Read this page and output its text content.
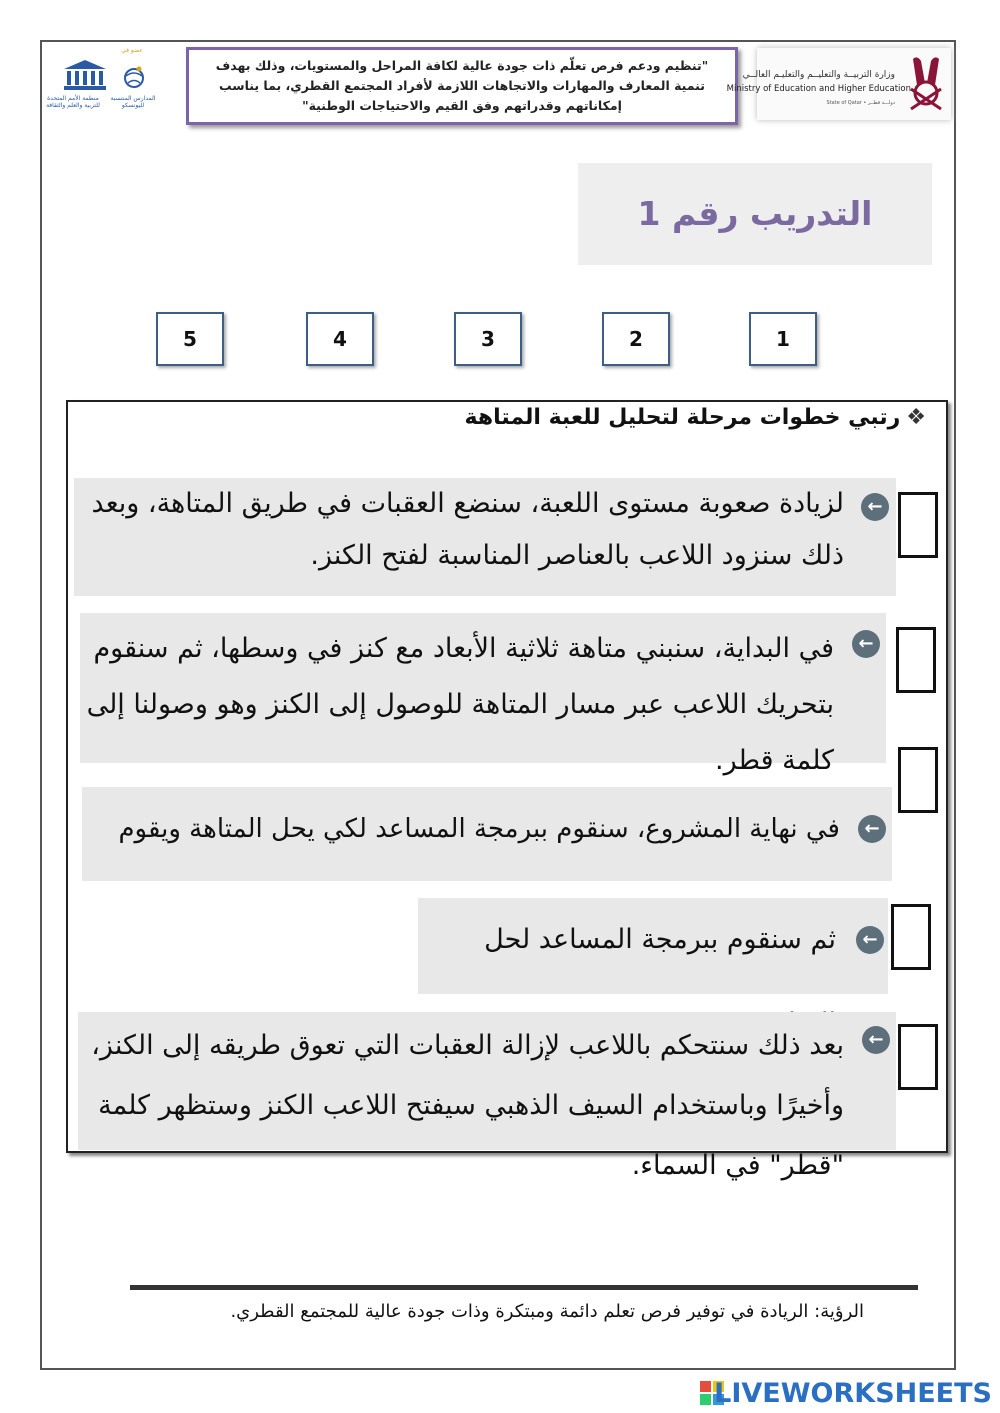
عضو في
منظمة الأمم المتحدة للتربية والعلم والثقافة
المدارس المنتسبة لليونسكو
"تنظيم ودعم فرص تعلّم ذات جودة عالية لكافة المراحل والمستويات، وذلك بهدف تنمية المعارف والمهارات والاتجاهات اللازمة لأفراد المجتمع القطري، بما يناسب إمكاناتهم وقدراتهم وفق القيم والاحتياجات الوطنية"
وزارة التربيــة والتعليــم والتعليـم العالــي
Ministry of Education and Higher Education
State of Qatar • دولـــة قطــر
التدريب رقم 1
5	4	3	2	1
❖رتبي خطوات مرحلة لتحليل للعبة المتاهة
لزيادة صعوبة مستوى اللعبة، سنضع العقبات في طريق المتاهة، وبعد ذلك سنزود اللاعب بالعناصر المناسبة لفتح الكنز.
←
في البداية، سنبني متاهة ثلاثية الأبعاد مع كنز في وسطها، ثم سنقوم بتحريك اللاعب عبر مسار المتاهة للوصول إلى الكنز وهو وصولنا إلى كلمة قطر.
←
في نهاية المشروع، سنقوم ببرمجة المساعد لكي يحل المتاهة ويقوم	←
ثم سنقوم ببرمجة المساعد لحل	←
بعد ذلك سنتحكم باللاعب لإزالة العقبات التي تعوق طريقه إلى الكنز، وأخيرًا وباستخدام السيف الذهبي سيفتح اللاعب الكنز وستظهر كلمة "قطر" في السماء.
←
الرؤية: الريادة في توفير فرص تعلم دائمة ومبتكرة وذات جودة عالية للمجتمع القطري.
LIVEWORKSHEETS
